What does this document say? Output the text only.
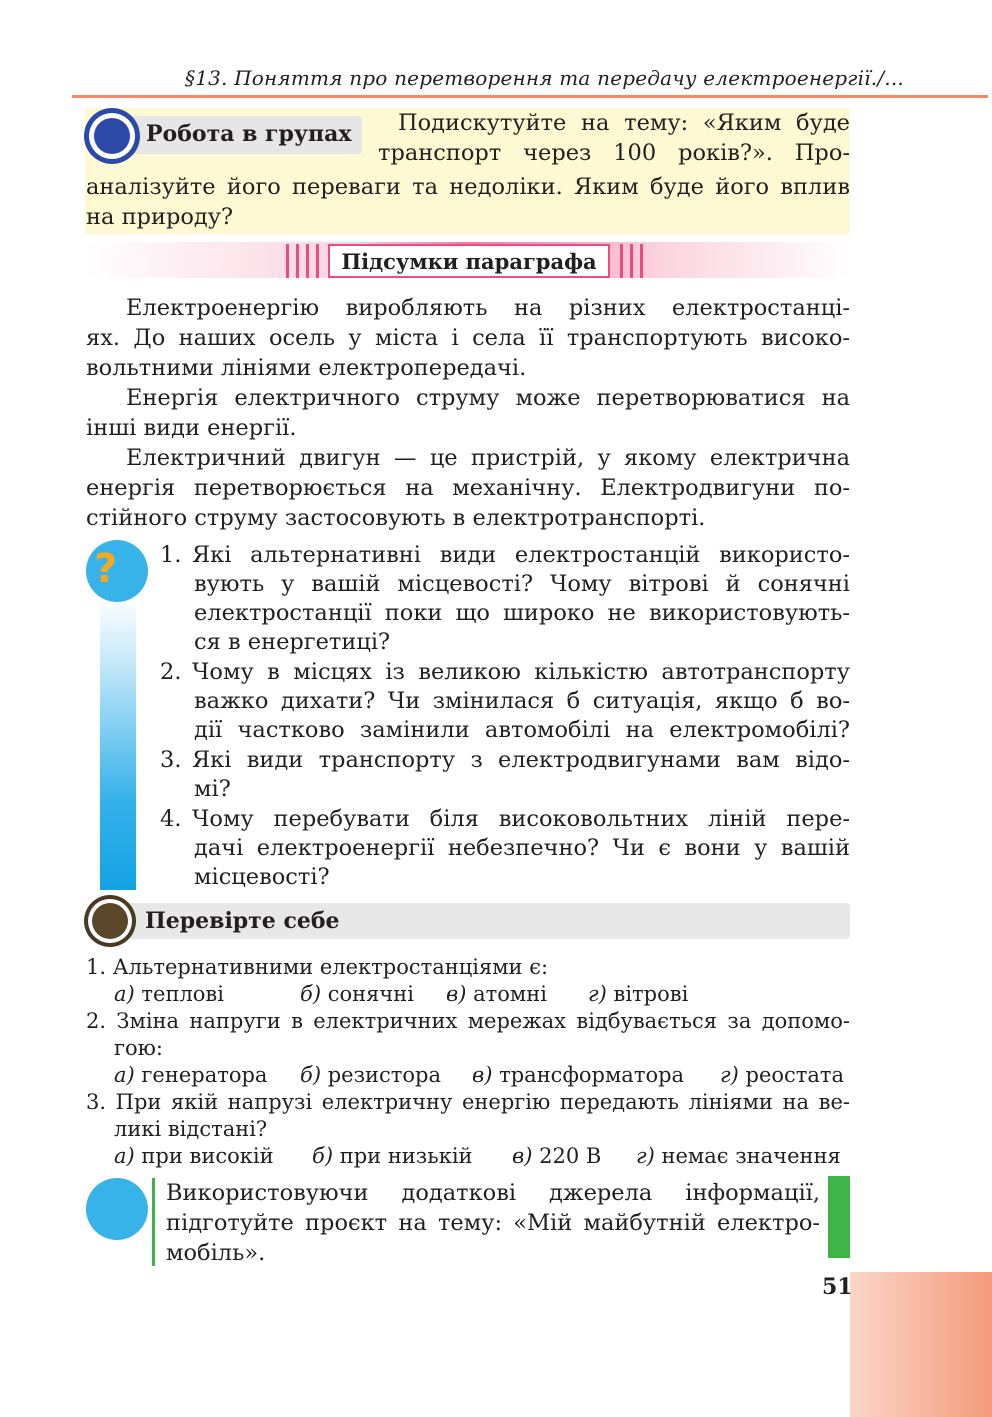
§13. Поняття про перетворення та передачу електроенергії./...
Робота в групах Подискутуйте на тему: «Яким буде
транспорт через 100 років?». Про-
аналізуйте його переваги та недоліки. Яким буде його вплив
на природу?
Підсумки параграфа
Електроенергію виробляють на різних електростанці-
ях. До наших осель у міста і села її транспортують високо-
вольтними лініями електропередачі.
Енергія електричного струму може перетворюватися на
інші види енергії.
Електричний двигун — це пристрій, у якому електрична
енергія перетворюється на механічну. Електродвигуни по-
стійного струму застосовують в електротранспорті.
? 1. Які альтернативні види електростанцій використо-
вують у вашій місцевості? Чому вітрові й сонячні
електростанції поки що широко не використовують-
ся в енергетиці?
2. Чому в місцях із великою кількістю автотранспорту
важко дихати? Чи змінилася б ситуація, якщо б во-
дії частково замінили автомобілі на електромобілі?
3. Які види транспорту з електродвигунами вам відо-
мі?
4. Чому перебувати біля високовольтних ліній пере-
дачі електроенергії небезпечно? Чи є вони у вашій
місцевості?
Перевірте себе
1. Альтернативними електростанціями є:
а) теплові	б) сонячні в) атомні г) вітрові
2. Зміна напруги в електричних мережах відбувається за допомо-
гою:
а) генератора б) резистора в) трансформатора г) реостата
3. При якій напрузі електричну енергію передають лініями на ве-
ликі відстані?
а) при високій б) при низькій в) 220 В г) немає значення
Використовуючи додаткові джерела інформації,
підготуйте проєкт на тему: «Мій майбутній електро-
мобіль».
51
